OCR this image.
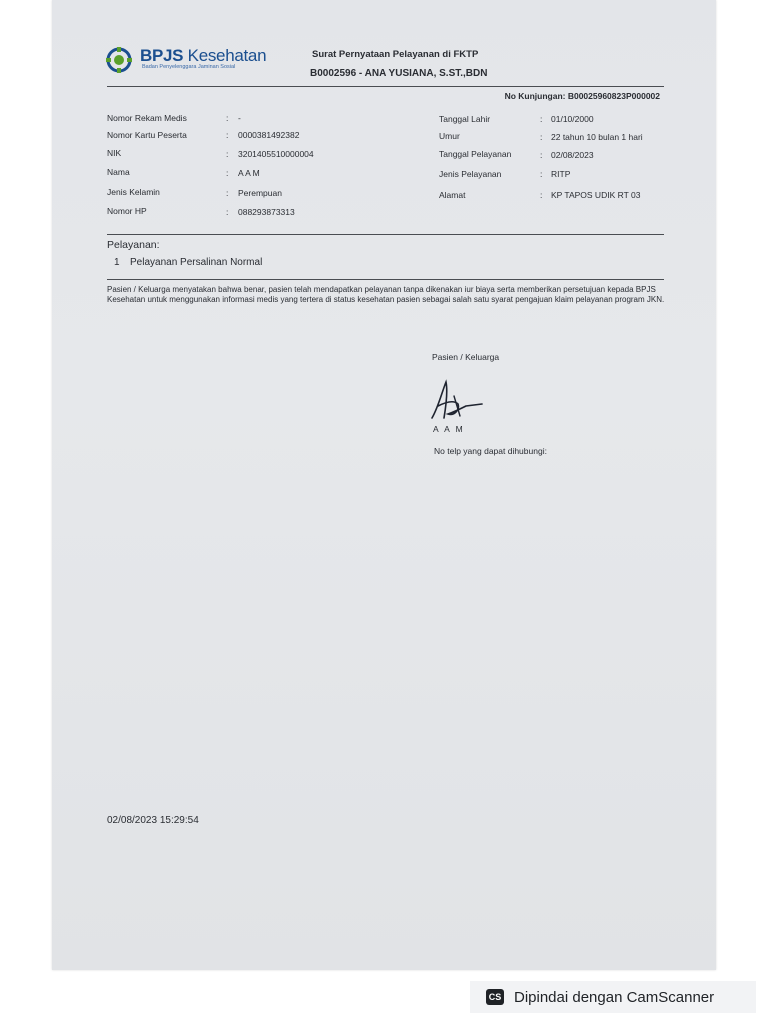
BPJS Kesehatan
Badan Penyelenggara Jaminan Sosial
Surat Pernyataan Pelayanan di FKTP
B0002596 - ANA YUSIANA, S.ST.,BDN
No Kunjungan: B00025960823P000002
Nomor Rekam Medis	: -
Nomor Kartu Peserta	: 0000381492382
NIK	: 3201405510000004
Nama	: A A M
Jenis Kelamin	: Perempuan
Nomor HP	: 088293873313
Tanggal Lahir	: 01/10/2000
Umur	: 22 tahun 10 bulan 1 hari
Tanggal Pelayanan	: 02/08/2023
Jenis Pelayanan	: RITP
Alamat	: KP TAPOS UDIK RT 03
Pelayanan:
1 Pelayanan Persalinan Normal
Pasien / Keluarga menyatakan bahwa benar, pasien telah mendapatkan pelayanan tanpa dikenakan iur biaya serta memberikan persetujuan kepada BPJS Kesehatan untuk menggunakan informasi medis yang tertera di status kesehatan pasien sebagai salah satu syarat pengajuan klaim pelayanan program JKN.
Pasien / Keluarga
A A M
No telp yang dapat dihubungi:
02/08/2023 15:29:54
CS Dipindai dengan CamScanner
